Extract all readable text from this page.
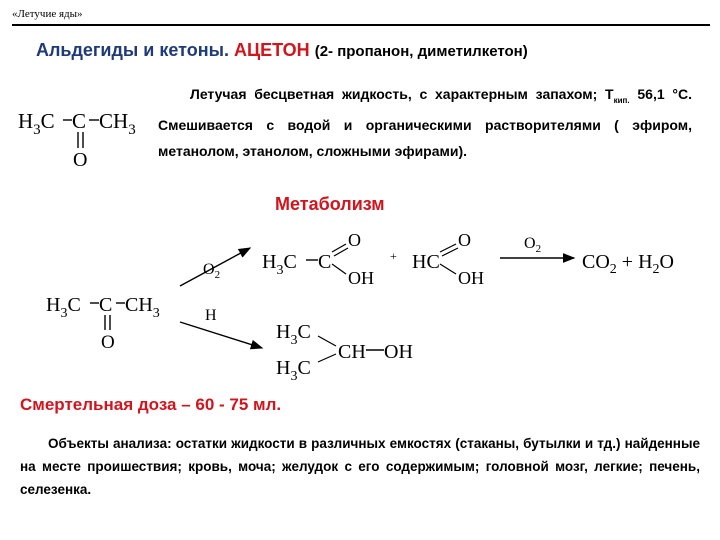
«Летучие яды»
Альдегиды и кетоны. АЦЕТОН (2- пропанон, диметилкетон)
$H_3C$ C $CH_3$
O
Летучая бесцветная жидкость, с характерным запахом; $Т_{кип.}$ 56,1 °С. Смешивается с водой и органическими растворителями ( эфиром, метанолом, этанолом, сложными эфирами).
Метаболизм
$H_3C$ C $CH_3$
O
$O_2$
H
$H_3C$ C
O
OH
+ HC
O
OH
$O_2$
$CO_2 + H_2O$
$H_3C$
$H_3C$
CH OH
Смертельная доза – 60 - 75 мл.
Объекты анализа: остатки жидкости в различных емкостях (стаканы, бутылки и тд.) найденные на месте проишествия; кровь, моча; желудок с его содержимым; головной мозг, легкие; печень, селезенка.
